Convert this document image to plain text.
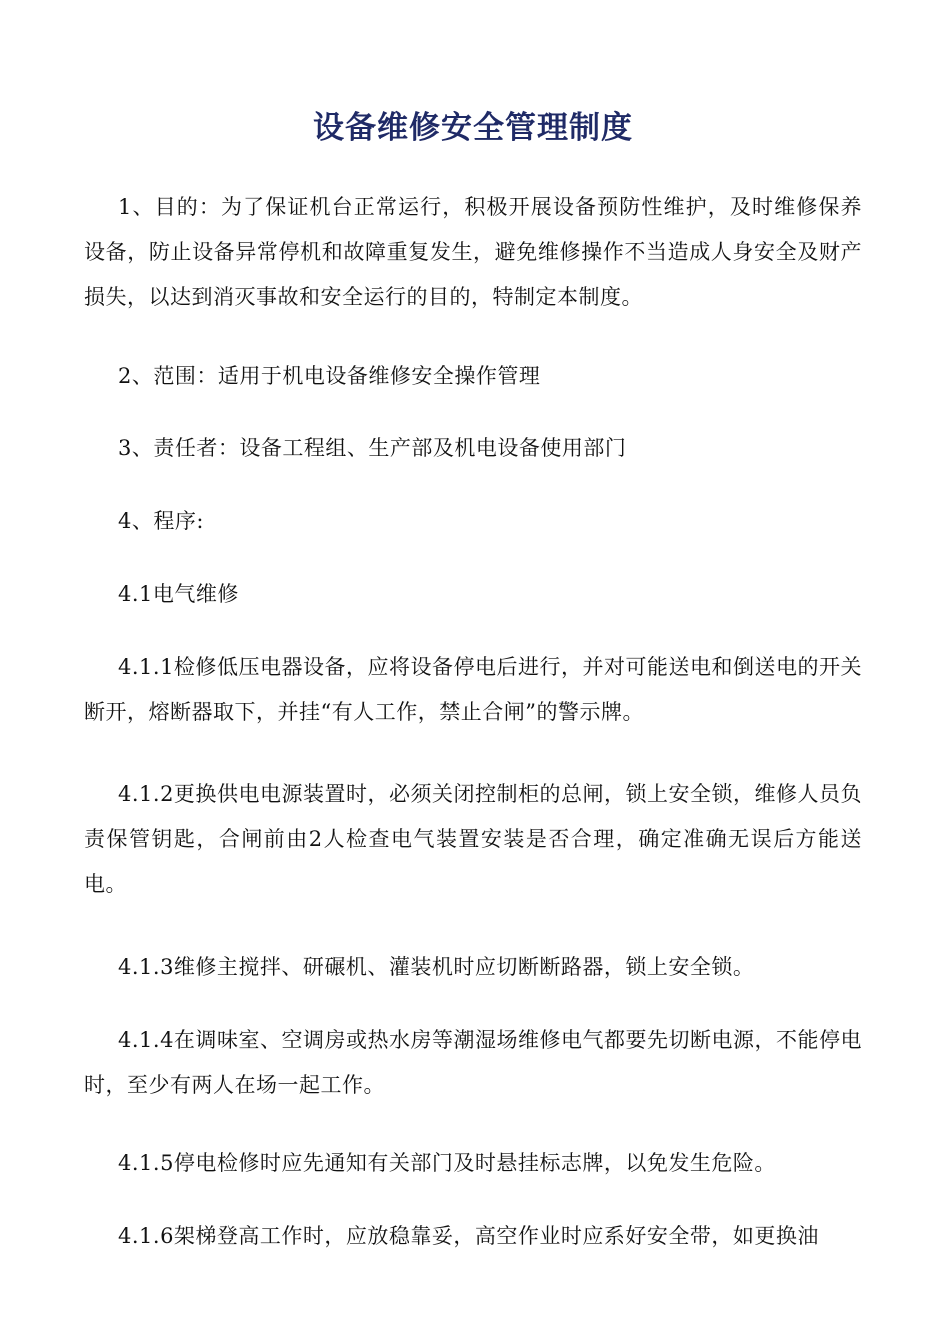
设备维修安全管理制度

1、目的：为了保证机台正常运行，积极开展设备预防性维护，及时维修保养设备，防止设备异常停机和故障重复发生，避免维修操作不当造成人身安全及财产损失，以达到消灭事故和安全运行的目的，特制定本制度。

2、范围：适用于机电设备维修安全操作管理

3、责任者：设备工程组、生产部及机电设备使用部门

4、程序:

4.1电气维修

4.1.1检修低压电器设备，应将设备停电后进行，并对可能送电和倒送电的开关断开，熔断器取下，并挂“有人工作，禁止合闸”的警示牌。

4.1.2更换供电电源装置时，必须关闭控制柜的总闸，锁上安全锁，维修人员负责保管钥匙，合闸前由2人检查电气装置安装是否合理，确定准确无误后方能送电。

4.1.3维修主搅拌、研碾机、灌装机时应切断断路器，锁上安全锁。

4.1.4在调味室、空调房或热水房等潮湿场维修电气都要先切断电源，不能停电时，至少有两人在场一起工作。

4.1.5停电检修时应先通知有关部门及时悬挂标志牌，以免发生危险。

4.1.6架梯登高工作时，应放稳靠妥，高空作业时应系好安全带，如更换油
